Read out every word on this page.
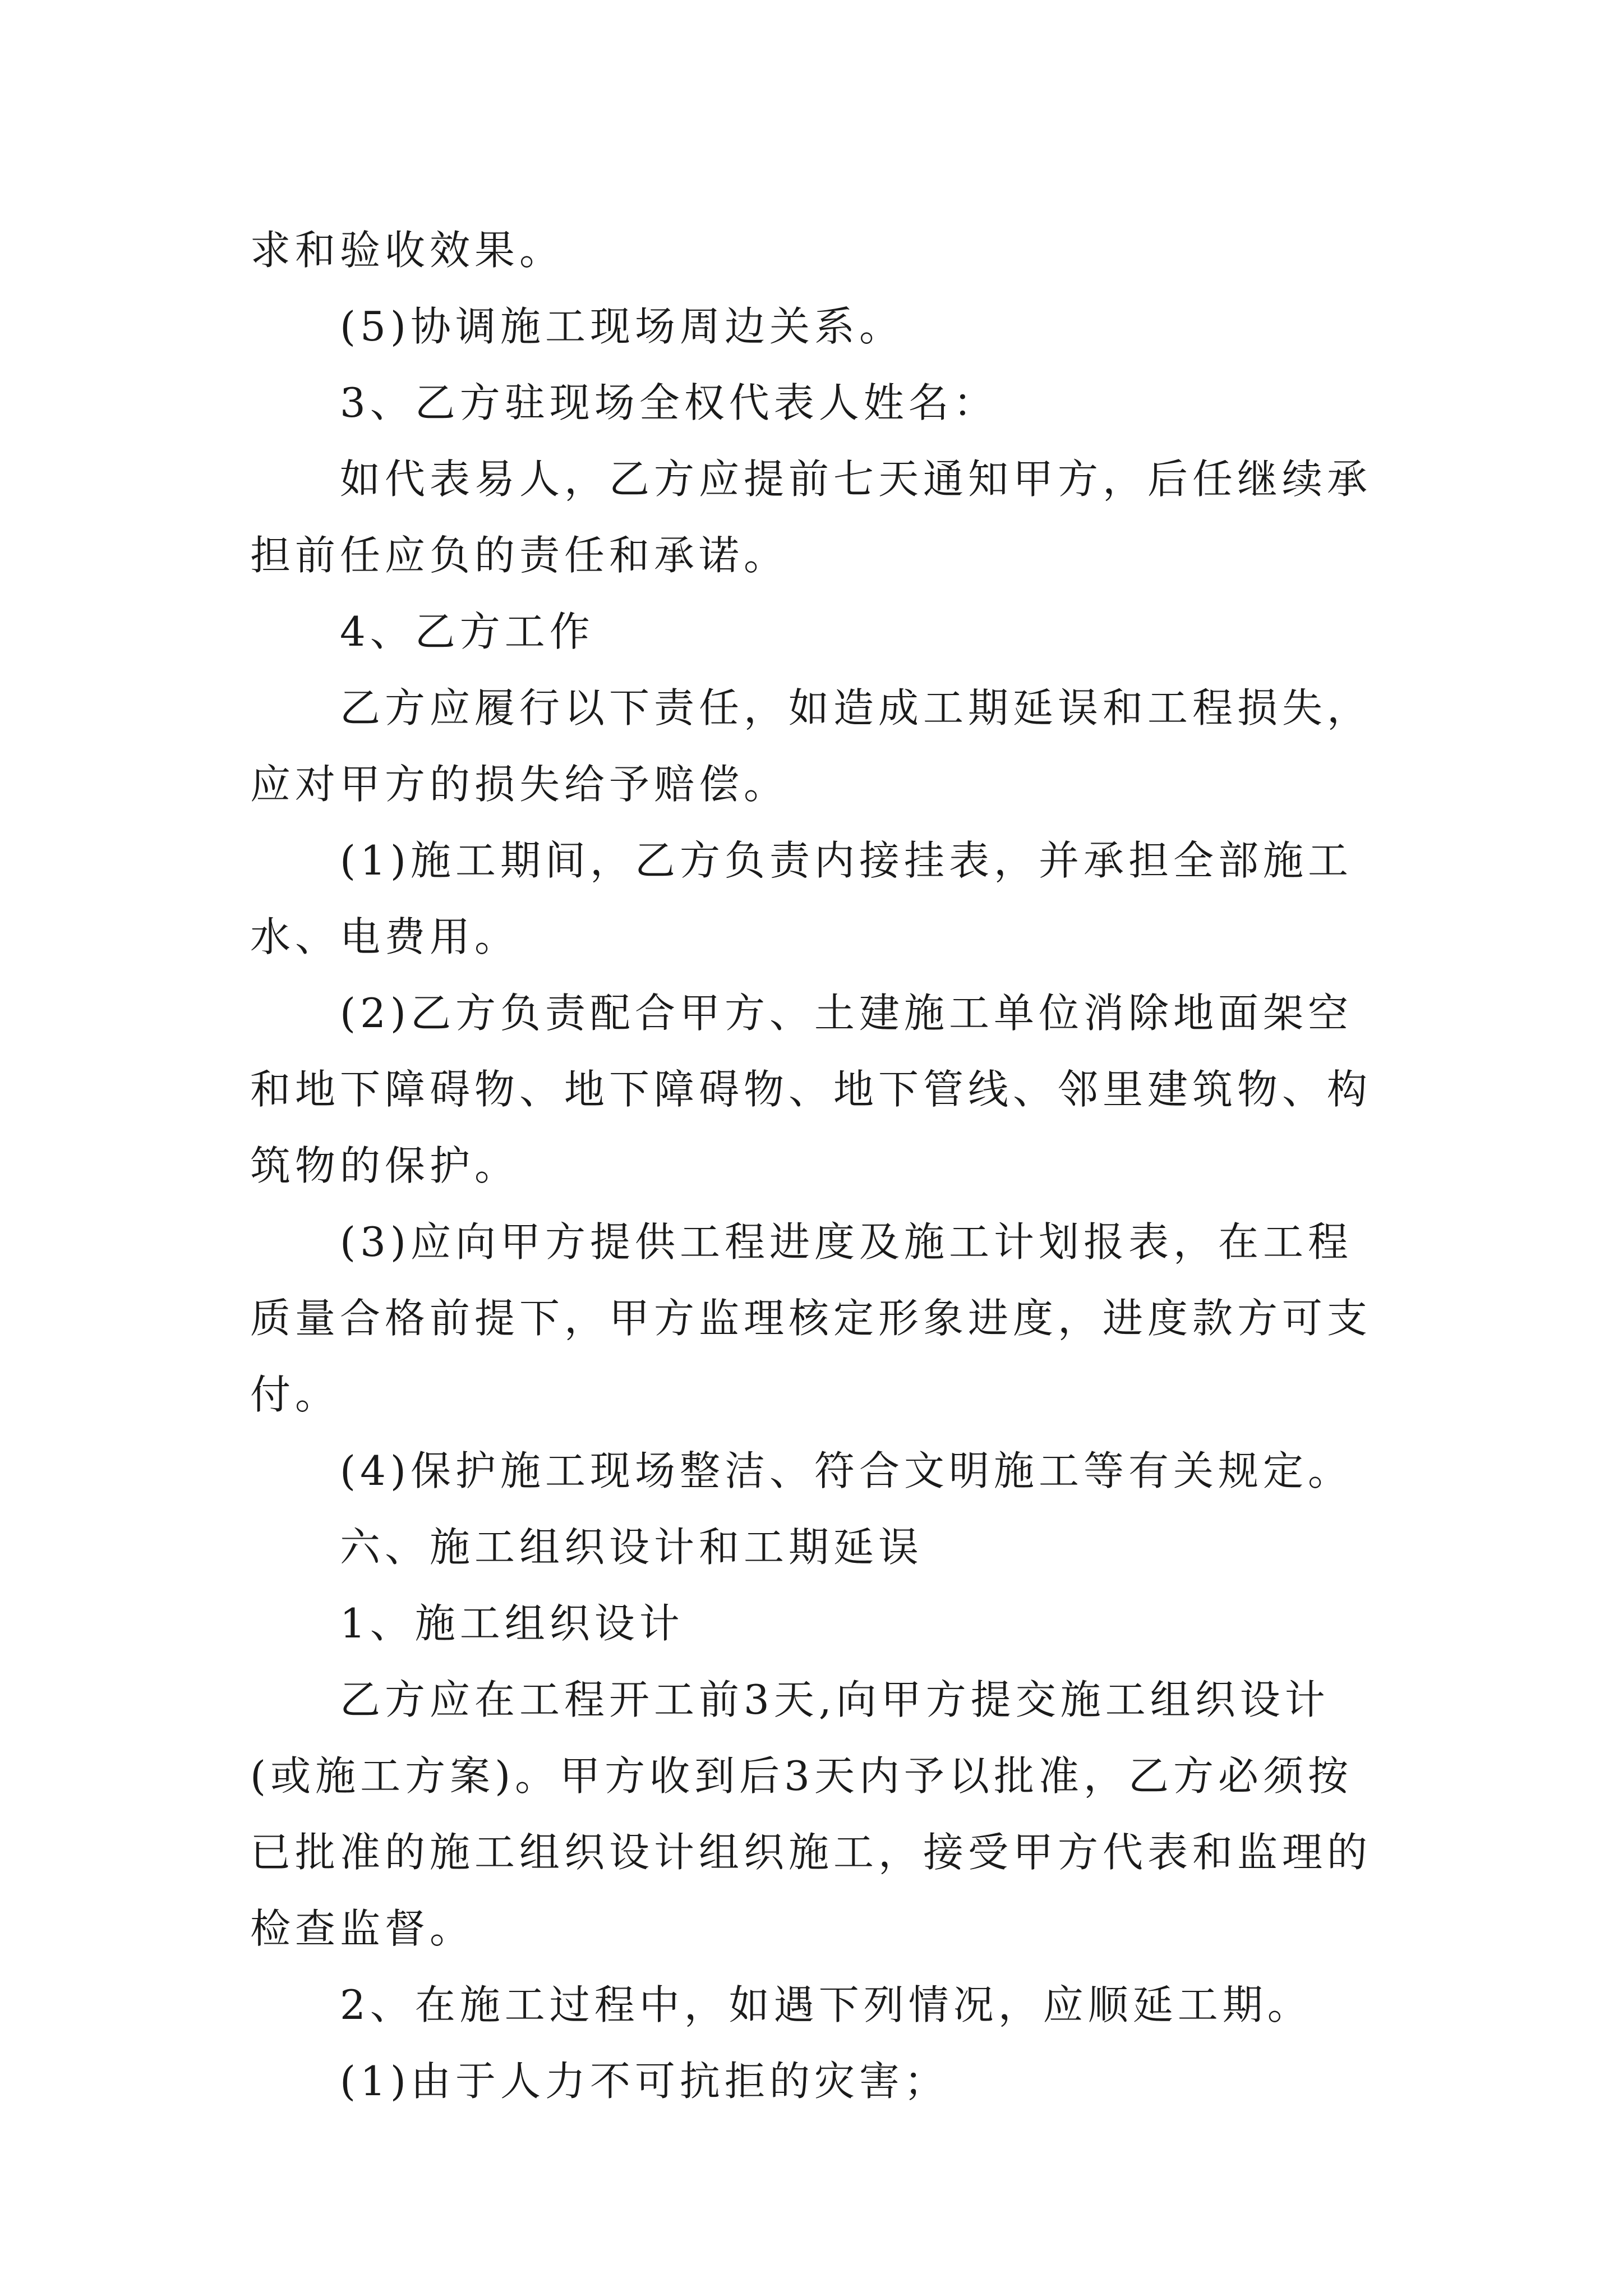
求和验收效果。

(5)协调施工现场周边关系。

3、乙方驻现场全权代表人姓名：

如代表易人，乙方应提前七天通知甲方，后任继续承担前任应负的责任和承诺。

4、乙方工作

乙方应履行以下责任，如造成工期延误和工程损失，应对甲方的损失给予赔偿。

(1)施工期间，乙方负责内接挂表，并承担全部施工水、电费用。

(2)乙方负责配合甲方、土建施工单位消除地面架空和地下障碍物、地下障碍物、地下管线、邻里建筑物、构筑物的保护。

(3)应向甲方提供工程进度及施工计划报表，在工程质量合格前提下，甲方监理核定形象进度，进度款方可支付。

(4)保护施工现场整洁、符合文明施工等有关规定。

六、施工组织设计和工期延误

1、施工组织设计

乙方应在工程开工前3天,向甲方提交施工组织设计(或施工方案)。甲方收到后3天内予以批准，乙方必须按已批准的施工组织设计组织施工，接受甲方代表和监理的检查监督。

2、在施工过程中，如遇下列情况，应顺延工期。

(1)由于人力不可抗拒的灾害；
